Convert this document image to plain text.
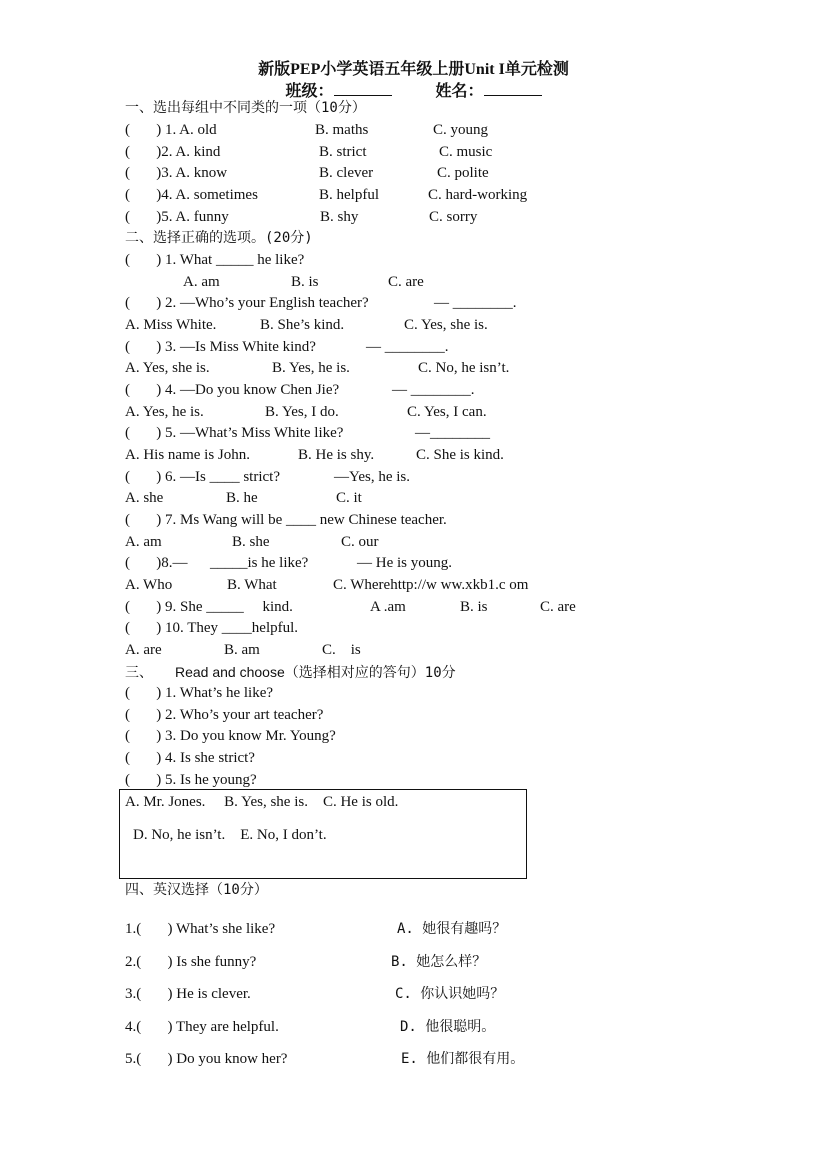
新版PEP小学英语五年级上册Unit I单元检测
班级：	姓名：
一、选出每组中不同类的一项（10分）
(       ) 1. A. old	B. maths	C. young
(       )2. A. kind	B. strict	C. music
(       )3. A. know	B. clever	C. polite
(       )4. A. sometimes	B. helpful	C. hard-working
(       )5. A. funny	B. shy	C. sorry
二、选择正确的选项。(20分)
(       ) 1. What _____ he like?
A. am	B. is	C. are
(       ) 2. —Who’s your English teacher?	— ________.
A. Miss White.	B. She’s kind.	C. Yes, she is.
(       ) 3. —Is Miss White kind?	— ________.
A. Yes, she is.	B. Yes, he is.	C. No, he isn’t.
(       ) 4. —Do you know Chen Jie?	— ________.
A. Yes, he is.	B. Yes, I do.	C. Yes, I can.
(       ) 5. —What’s Miss White like?	—________
A. His name is John.	B. He is shy.	C. She is kind.
(       ) 6. —Is ____ strict?	—Yes, he is.
A. she	B. he	C. it
(       ) 7. Ms Wang will be ____ new Chinese teacher.
A. am	B. she	C. our
(       )8.—      _____is he like?	— He is young.
A. Who	B. What	C. Wherehttp://w ww.xkb1.c om
(       ) 9. She _____     kind.	A .am	B. is	C. are
(       ) 10. They ____helpful.
A. are	B. am	C.    is
三、 Read and choose（选择相对应的答句）10分
(       ) 1. What’s he like?
(       ) 2. Who’s your art teacher?
(       ) 3. Do you know Mr. Young?
(       ) 4. Is she strict?
(       ) 5. Is he young?
A. Mr. Jones.     B. Yes, she is.    C. He is old.
D. No, he isn’t.    E. No, I don’t.
四、英汉选择（10分）
1.(       ) What’s she like?	A. 她很有趣吗？
2.(       ) Is she funny?	B. 她怎么样？
3.(       ) He is clever.	C. 你认识她吗？
4.(       ) They are helpful.	D. 他很聪明。
5.(       ) Do you know her?	E. 他们都很有用。
